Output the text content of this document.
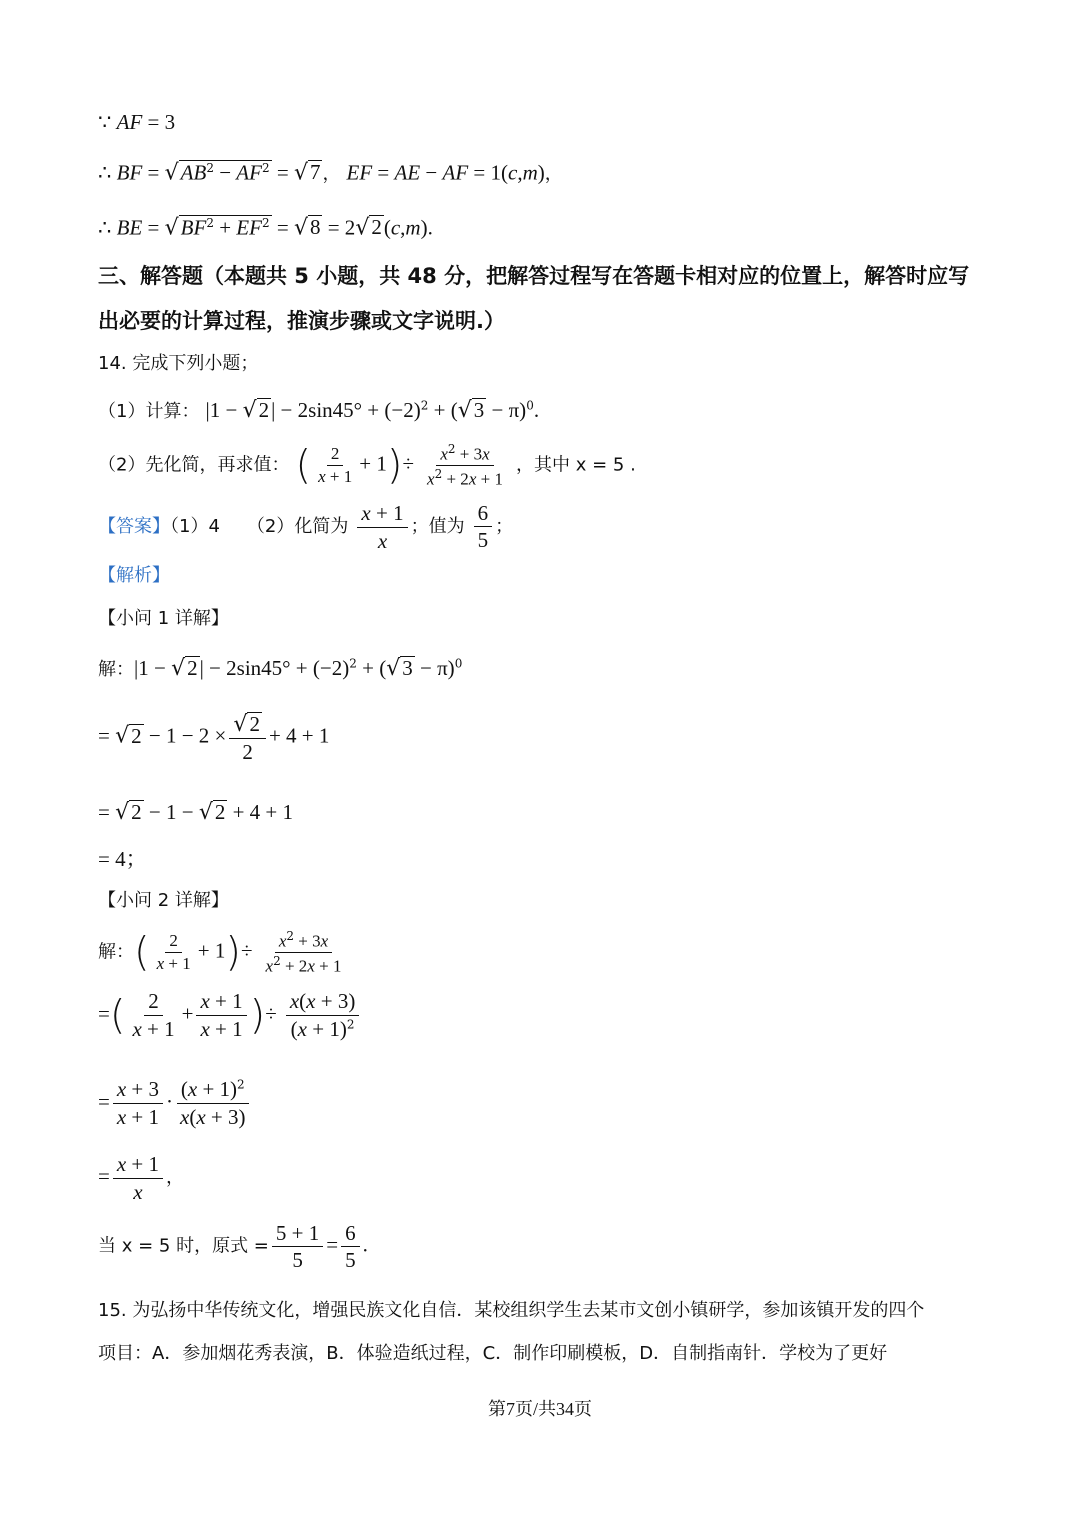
∵ AF = 3
∴ BF = $√AB^2 - AF^2 = √7$ ， EF = AE − AF = 1(c,m)，
∴ BE = $√BF^2 + EF^2 = √8 = 2√2(c,m)$.
三、解答题（本题共 5 小题，共 48 分，把解答过程写在答题卡相对应的位置上，解答时应写
出必要的计算过程，推演步骤或文字说明.）
14. 完成下列小题；
（1）计算： $|1 - √2| - 2\sin 45^\circ + (-2)^2 + (√3 - \pi)^0$.
（2）先化简，再求值： ( $\frac{2}{x + 1} + 1)\div \frac{x^2 + 3x}{x^2 + 2x + 1}$ ，其中 x = 5 .
【答案】（1）4　　（2）化简为 $\frac{x + 1}{x}$ ；值为 $\frac{6}{5}$ ；
【解析】
【小问 1 详解】
解：$|1 - √2| - 2\sin 45^\circ + (-2)^2 + (√3 - \pi)^0$
= $√2 - 1 - 2 \times \frac{√2}{2} + 4 + 1$
= √2 − 1 − √2 + 4 + 1
= 4；
【小问 2 详解】
解：( $\frac{2}{x + 1} + 1)\div \frac{x^2 + 3x}{x^2 + 2x + 1}$
=( $\frac{2}{x + 1} + \frac{x + 1}{x + 1}$ )÷ $\frac{x(x + 3)}{(x + 1)^2}$
= $\frac{x + 3}{x + 1} \cdot \frac{(x + 1)^2}{x(x + 3)}$
= $\frac{x + 1}{x}$ ，
当 x = 5 时，原式 = $\frac{5 + 1}{5} = \frac{6}{5}$ .
15. 为弘扬中华传统文化，增强民族文化自信．某校组织学生去某市文创小镇研学，参加该镇开发的四个
项目：A．参加烟花秀表演，B．体验造纸过程，C．制作印刷模板，D．自制指南针．学校为了更好
第7页/共34页
